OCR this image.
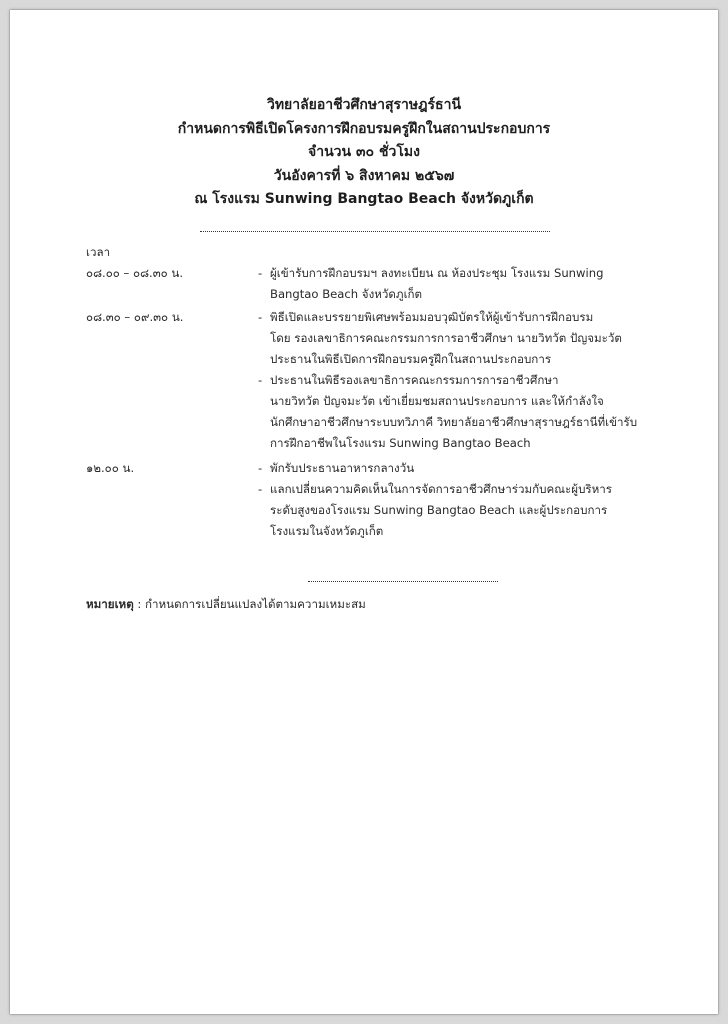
วิทยาลัยอาชีวศึกษาสุราษฎร์ธานี
กำหนดการพิธีเปิดโครงการฝึกอบรมครูฝึกในสถานประกอบการ
จำนวน ๓๐ ชั่วโมง
วันอังคารที่ ๖ สิงหาคม ๒๕๖๗
ณ โรงแรม Sunwing Bangtao Beach จังหวัดภูเก็ต
เวลา
๐๘.๐๐ – ๐๘.๓๐ น.	- ผู้เข้ารับการฝึกอบรมฯ ลงทะเบียน ณ ห้องประชุม โรงแรม Sunwing
Bangtao Beach จังหวัดภูเก็ต
๐๘.๓๐ – ๐๙.๓๐ น.	- พิธีเปิดและบรรยายพิเศษพร้อมมอบวุฒิบัตรให้ผู้เข้ารับการฝึกอบรม
โดย รองเลขาธิการคณะกรรมการการอาชีวศึกษา นายวิทวัต ปัญจมะวัต
ประธานในพิธีเปิดการฝึกอบรมครูฝึกในสถานประกอบการ
- ประธานในพิธีรองเลขาธิการคณะกรรมการการอาชีวศึกษา
นายวิทวัต ปัญจมะวัต เข้าเยี่ยมชมสถานประกอบการ และให้กำลังใจ
นักศึกษาอาชีวศึกษาระบบทวิภาคี วิทยาลัยอาชีวศึกษาสุราษฎร์ธานีที่เข้ารับ
การฝึกอาชีพในโรงแรม Sunwing Bangtao Beach
๑๒.๐๐ น.	- พักรับประธานอาหารกลางวัน
- แลกเปลี่ยนความคิดเห็นในการจัดการอาชีวศึกษาร่วมกับคณะผู้บริหาร
ระดับสูงของโรงแรม Sunwing Bangtao Beach และผู้ประกอบการ
โรงแรมในจังหวัดภูเก็ต
หมายเหตุ : กำหนดการเปลี่ยนแปลงได้ตามความเหมะสม
